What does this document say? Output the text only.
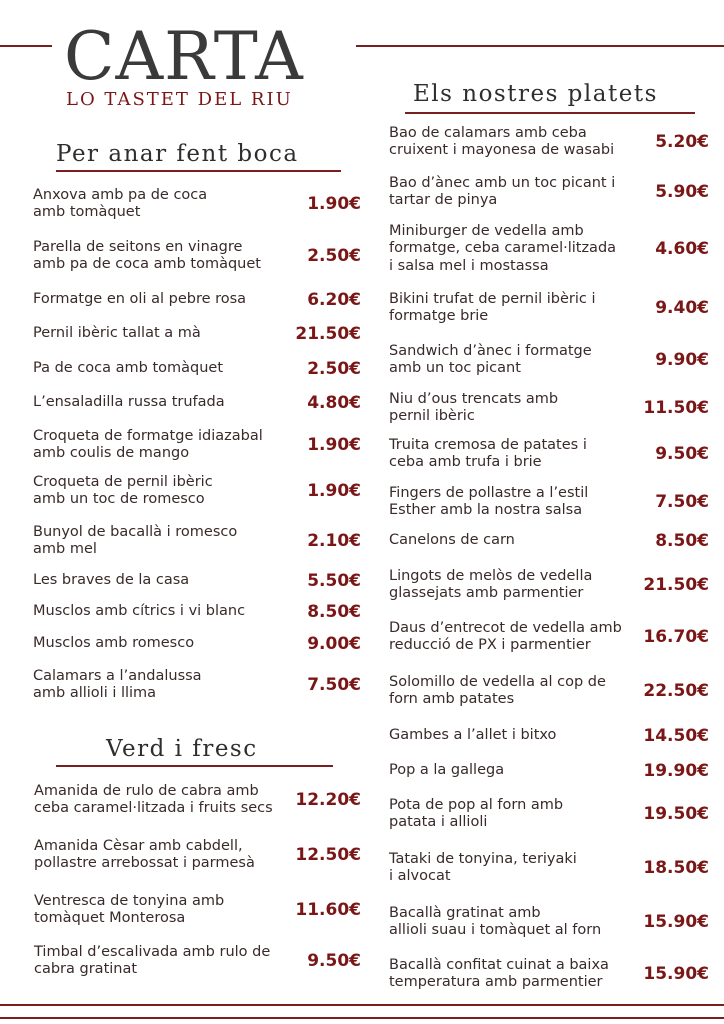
CARTA
LO TASTET DEL RIU
Per anar fent boca
Els nostres platets
Verd i fresc
Anxova amb pa de coca
amb tomàquet	1.90€
Parella de seitons en vinagre
amb pa de coca amb tomàquet	2.50€
Formatge en oli al pebre rosa	6.20€
Pernil ibèric tallat a mà	21.50€
Pa de coca amb tomàquet	2.50€
L’ensaladilla russa trufada	4.80€
Croqueta de formatge idiazabal
amb coulis de mango	1.90€
Croqueta de pernil ibèric
amb un toc de romesco	1.90€
Bunyol de bacallà i romesco
amb mel	2.10€
Les braves de la casa	5.50€
Musclos amb cítrics i vi blanc	8.50€
Musclos amb romesco	9.00€
Calamars a l’andalussa
amb allioli i llima	7.50€
Amanida de rulo de cabra amb
ceba caramel·litzada i fruits secs	12.20€
Amanida Cèsar amb cabdell,
pollastre arrebossat i parmesà	12.50€
Ventresca de tonyina amb
tomàquet Monterosa	11.60€
Timbal d’escalivada amb rulo de
cabra gratinat	9.50€
Bao de calamars amb ceba
cruixent i mayonesa de wasabi	5.20€
Bao d’ànec amb un toc picant i
tartar de pinya	5.90€
Miniburger de vedella amb
formatge, ceba caramel·litzada
i salsa mel i mostassa
4.60€
Bikini trufat de pernil ibèric i
formatge brie	9.40€
Sandwich d’ànec i formatge
amb un toc picant	9.90€
Niu d’ous trencats amb
pernil ibèric	11.50€
Truita cremosa de patates i
ceba amb trufa i brie	9.50€
Fingers de pollastre a l’estil
Esther amb la nostra salsa	7.50€
Canelons de carn	8.50€
Lingots de melòs de vedella
glassejats amb parmentier	21.50€
Daus d’entrecot de vedella amb
reducció de PX i parmentier	16.70€
Solomillo de vedella al cop de
forn amb patates	22.50€
Gambes a l’allet i bitxo	14.50€
Pop a la gallega	19.90€
Pota de pop al forn amb
patata i allioli	19.50€
Tataki de tonyina, teriyaki
i alvocat	18.50€
Bacallà gratinat amb
allioli suau i tomàquet al forn	15.90€
Bacallà confitat cuinat a baixa
temperatura amb parmentier	15.90€
